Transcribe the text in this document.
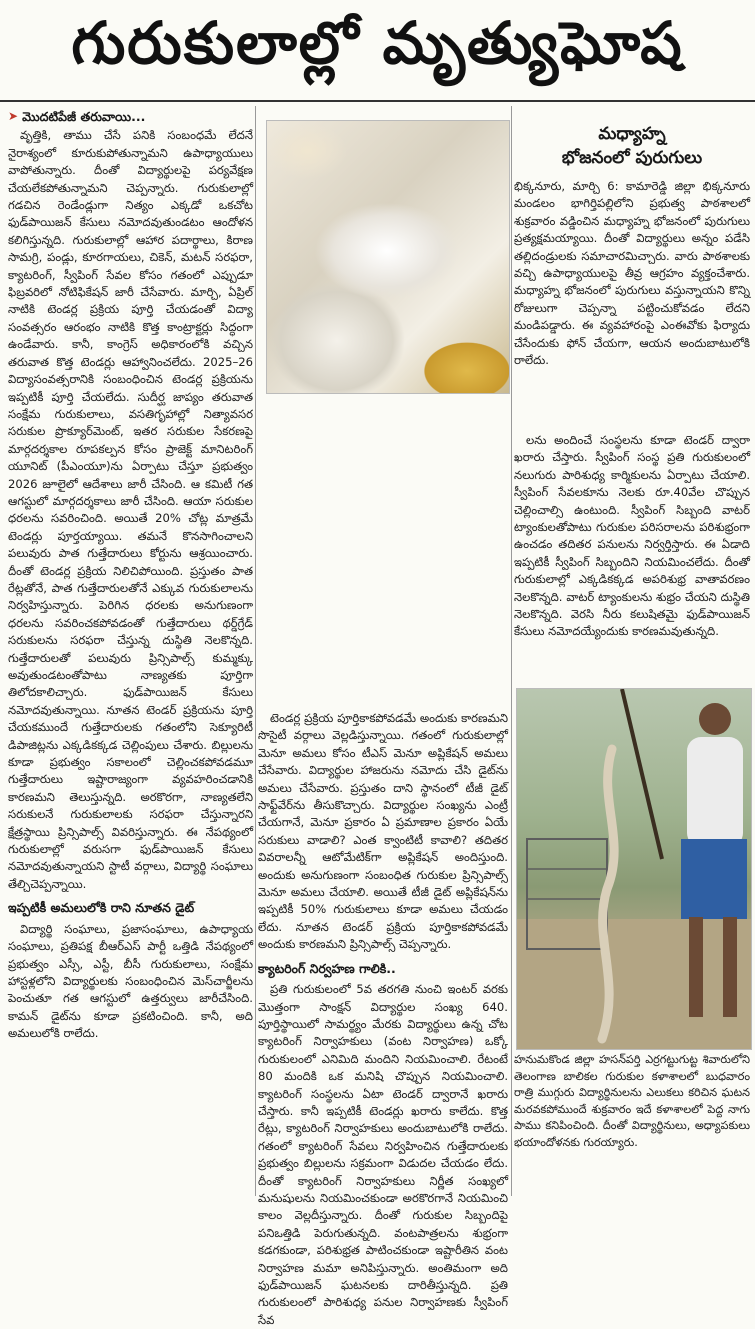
గురుకులాల్లో మృత్యుఘోష
➤ మొదటిపేజీ తరువాయి...

వృత్తికి, తాము చేసే పనికి సంబంధమే లేదనే నైరాశ్యంలో కూరుకుపోతున్నామని ఉపాధ్యాయులు వాపోతున్నారు. దీంతో విద్యార్థులపై పర్యవేక్షణ చేయలేకపోతున్నామని చెప్పన్నారు. గురుకులాల్లో గడచిన రెండేండ్లుగా నిత్యం ఎక్కడో ఒకచోట ఫుడ్‌పాయిజన్ కేసులు నమోదవుతుండటం ఆందోళన కలిగిస్తున్నది. గురుకులాల్లో ఆహార పదార్థాలు, కిరాణ సామగ్రి, పండ్లు, కూరగాయలు, చికెన్, మటన్ సరఫరా, క్యాటరింగ్, స్వీపింగ్ సేవల కోసం గతంలో ఎప్పుడూ ఫిబ్రవరిలో నోటిఫికేషన్ జారీ చేసేవారు. మార్చి, ఏప్రిల్ నాటికి టెండర్ల ప్రక్రియ పూర్తి చేయడంతో విద్యా సంవత్సరం ఆరంభం నాటికి కొత్త కాంట్రాక్టర్లు సిద్ధంగా ఉండేవారు. కానీ, కాంగ్రెస్ అధికారంలోకి వచ్చిన తరువాత కొత్త టెండర్లు ఆహ్వానించలేదు. 2025–26 విద్యాసంవత్సరానికి సంబంధించిన టెండర్ల ప్రక్రియను ఇప్పటికీ పూర్తి చేయలేదు. సుదీర్ఘ జాప్యం తరువాత సంక్షేమ గురుకులాలు, వసతిగృహాల్లో నిత్యావసర సరుకుల ప్రొక్యూర్‌మెంట్, ఇతర సరుకుల సేకరణపై మార్గదర్శకాల రూపకల్పన కోసం ప్రాజెక్ట్ మానిటరింగ్ యూనిట్ (పీఎంయూ)ను ఏర్పాటు చేస్తూ ప్రభుత్వం 2026 జూలైలో ఆదేశాలు జారీ చేసింది. ఆ కమిటీ గత ఆగస్టులో మార్గదర్శకాలు జారీ చేసింది. ఆయా సరుకుల ధరలను సవరించింది. అయితే 20% చోట్ల మాత్రమే టెండర్లు పూర్తయ్యాయి. తమనే కొనసాగించాలని పలువురు పాత గుత్తేదారులు కోర్టును ఆశ్రయించారు. దీంతో టెండర్ల ప్రక్రియ నిలిచిపోయింది. ప్రస్తుతం పాత రేట్లతోనే, పాత గుత్తేదారులతోనే ఎక్కువ గురుకులాలను నిర్వహిస్తున్నారు. పెరిగిన ధరలకు అనుగుణంగా ధరలను సవరించకపోవడంతో గుత్తేదారులు థర్డ్‌గ్రేడ్ సరుకులను సరఫరా చేస్తున్న దుస్థితి నెలకొన్నది. గుత్తేదారులతో పలువురు ప్రిన్సిపాల్స్ కుమ్మక్కు అవుతుండటంతోపాటు నాణ్యతకు పూర్తిగా తిలోదకాలిచ్చారు. ఫుడ్‌పాయిజన్ కేసులు నమోదవుతున్నాయి. నూతన టెండర్ ప్రక్రియను పూర్తి చేయకముందే గుత్తేదారులకు గతంలోని సెక్యూరిటీ డిపాజిట్లను ఎక్కడికక్కడ చెల్లింపులు చేశారు. బిల్లులను కూడా ప్రభుత్వం సకాలంలో చెల్లించకపోవడమూ గుత్తేదారులు ఇష్టారాజ్యంగా వ్యవహరించడానికి కారణమని తెలుస్తున్నది. అరకొరగా, నాణ్యతలేని సరుకులనే గురుకులాలకు సరఫరా చేస్తున్నారని క్షేత్రస్థాయి ప్రిన్సిపాల్స్ వివరిస్తున్నారు. ఈ నేపథ్యంలో గురుకులాల్లో వరుసగా ఫుడ్‌పాయిజన్ కేసులు నమోదవుతున్నాయని స్టాటీ వర్గాలు, విద్యార్థి సంఘాలు తేల్చిచెప్పన్నాయి.

ఇప్పటికీ అమలులోకి రాని నూతన డైట్

విద్యార్థి సంఘాలు, ప్రజాసంఘాలు, ఉపాధ్యాయ సంఘాలు, ప్రతిపక్ష బీఆర్ఎస్ పార్టీ ఒత్తిడి నేపథ్యంలో ప్రభుత్వం ఎస్సీ, ఎస్టీ, బీసీ గురుకులాలు, సంక్షేమ హాస్టళ్లలోని విద్యార్థులకు సంబంధించిన మెస్‌చార్జీలను పెంచుతూ గత ఆగస్టులో ఉత్తర్వులు జారీచేసింది. కామన్ డైట్‌ను కూడా ప్రకటించింది. కానీ, అది అమలులోకి రాలేదు.

మధ్యాహ్న
భోజనంలో పురుగులు

భిక్కనూరు, మార్చి 6: కామారెడ్డి జిల్లా భిక్కనూరు మండలం భాగిర్తిపల్లిలోని ప్రభుత్వ పాఠశాలలో శుక్రవారం వడ్డించిన మధ్యాహ్న భోజనంలో పురుగులు ప్రత్యక్షమయ్యాయి. దీంతో విద్యార్థులు అన్నం పడేసి తల్లిదండ్రులకు సమాచారమిచ్చారు. వారు పాఠశాలకు వచ్చి ఉపాధ్యాయులపై తీవ్ర ఆగ్రహం వ్యక్తంచేశారు. మధ్యాహ్న భోజనంలో పురుగులు వస్తున్నాయని కొన్ని రోజులుగా చెప్పన్నా పట్టించుకోవడం లేదని మండిపడ్డారు. ఈ వ్యవహారంపై ఎంఈవోకు ఫిర్యాదు చేసేందుకు ఫోన్ చేయగా, ఆయన అందుబాటులోకి రాలేదు.

టెండర్ల ప్రక్రియ పూర్తికాకపోవడమే అందుకు కారణమని సొసైటీ వర్గాలు వెల్లడిస్తున్నాయి. గతంలో గురుకులాల్లో మెనూ అమలు కోసం టీఎస్ మెనూ అప్లికేషన్ అమలు చేసేవారు. విద్యార్థుల హాజరును నమోదు చేసి డైట్‌ను అమలు చేసేవారు. ప్రస్తుతం దాని స్థానంలో టీజీ డైట్ సాఫ్ట్‌వేర్‌ను తీసుకొచ్చారు. విద్యార్థుల సంఖ్యను ఎంట్రీ చేయగానే, మెనూ ప్రకారం ఏ ప్రమాణాల ప్రకారం ఏయే సరుకులు వాడాలి? ఎంత క్వాంటిటీ కావాలి? తదితర వివరాలన్నీ ఆటోమేటిక్‌గా అప్లికేషన్ అందిస్తుంది. అందుకు అనుగుణంగా సంబంధిత గురుకుల ప్రిన్సిపాల్స్ మెనూ అమలు చేయాలి. అయితే టీజీ డైట్ అప్లికేషన్‌ను ఇప్పటికీ 50% గురుకులాలు కూడా అమలు చేయడం లేదు. నూతన టెండర్ ప్రక్రియ పూర్తికాకపోవడమే అందుకు కారణమని ప్రిన్సిపాల్స్ చెప్పన్నారు.

క్యాటరింగ్ నిర్వహణ గాలికి..

ప్రతి గురుకులంలో 5వ తరగతి నుంచి ఇంటర్ వరకు మొత్తంగా సాంక్షన్ విద్యార్థుల సంఖ్య 640. పూర్తిస్థాయిలో సామర్థ్యం మేరకు విద్యార్థులు ఉన్న చోట క్యాటరింగ్ నిర్వాహకులు (వంట నిర్వాహణ) ఒక్కో గురుకులంలో ఎనిమిది మందిని నియమించాలి. రేటంటే 80 మందికి ఒక మనిషి చొప్పున నియమించాలి. క్యాటరింగ్ సంస్థలను ఏటా టెండర్ ద్వారానే ఖరారు చేస్తారు. కానీ ఇప్పటికీ టెండర్లు ఖరారు కాలేదు. కొత్త రేట్లు, క్యాటరింగ్ నిర్వాహకులు అందుబాటులోకి రాలేదు. గతంలో క్యాటరింగ్ సేవలు నిర్వహించిన గుత్తేదారులకు ప్రభుత్వం బిల్లులను సక్రమంగా విడుదల చేయడం లేదు. దీంతో క్యాటరింగ్ నిర్వాహకులు నిర్ణీత సంఖ్యలో మనుషులను నియమించకుండా అరకొరగానే నియమించి కాలం వెల్లదీస్తున్నారు. దీంతో గురుకుల సిబ్బందిపై పనిఒత్తిడి పెరుగుతున్నది. వంటపాత్రలను శుభ్రంగా కడగకుండా, పరిశుభ్రత పాటించకుండా ఇష్టారీతిన వంట నిర్వాహణ మమా అనిపిస్తున్నారు. అంతిమంగా అది ఫుడ్‌పాయిజన్ ఘటనలకు దారితీస్తున్నది. ప్రతి గురుకులంలో పారిశుధ్య పనుల నిర్వాహణకు స్వీపింగ్ సేవ

లను అందించే సంస్థలను కూడా టెండర్ ద్వారా ఖరారు చేస్తారు. స్వీపింగ్ సంస్థ ప్రతి గురుకులంలో నలుగురు పారిశుధ్య కార్మికులను ఏర్పాటు చేయాలి. స్వీపింగ్ సేవలకూను నెలకు రూ.40వేల చొప్పున చెల్లించాల్సి ఉంటుంది. స్వీపింగ్ సిబ్బంది వాటర్ ట్యాంకులతోపాటు గురుకుల పరిసరాలను పరిశుభ్రంగా ఉంచడం తదితర పనులను నిర్వర్తిస్తారు. ఈ ఏడాది ఇప్పటికీ స్వీపింగ్ సిబ్బందిని నియమించలేదు. దీంతో గురుకులాల్లో ఎక్కడికక్కడ అపరిశుభ్ర వాతావరణం నెలకొన్నది. వాటర్ ట్యాంకులను శుభ్రం చేయని దుస్థితి నెలకొన్నది. వెరసి నీరు కలుషితమై ఫుడ్‌పాయిజన్ కేసులు నమోదయ్యేందుకు కారణమవుతున్నది.

హనుమకొండ జిల్లా హసన్‌పర్తి ఎర్రగట్టుగుట్ట శివారులోని తెలంగాణ బాలికల గురుకుల కళాశాలలో బుధవారం రాత్రి ముగ్గురు విద్యార్థినులను ఎలుకలు కరిచిన ఘటన మరవకపోముందే శుక్రవారం ఇదే కళాశాలలో పెద్ద నాగు పాము కనిపించింది. దీంతో విద్యార్థినులు, అధ్యాపకులు భయాందోళనకు గురయ్యారు.
